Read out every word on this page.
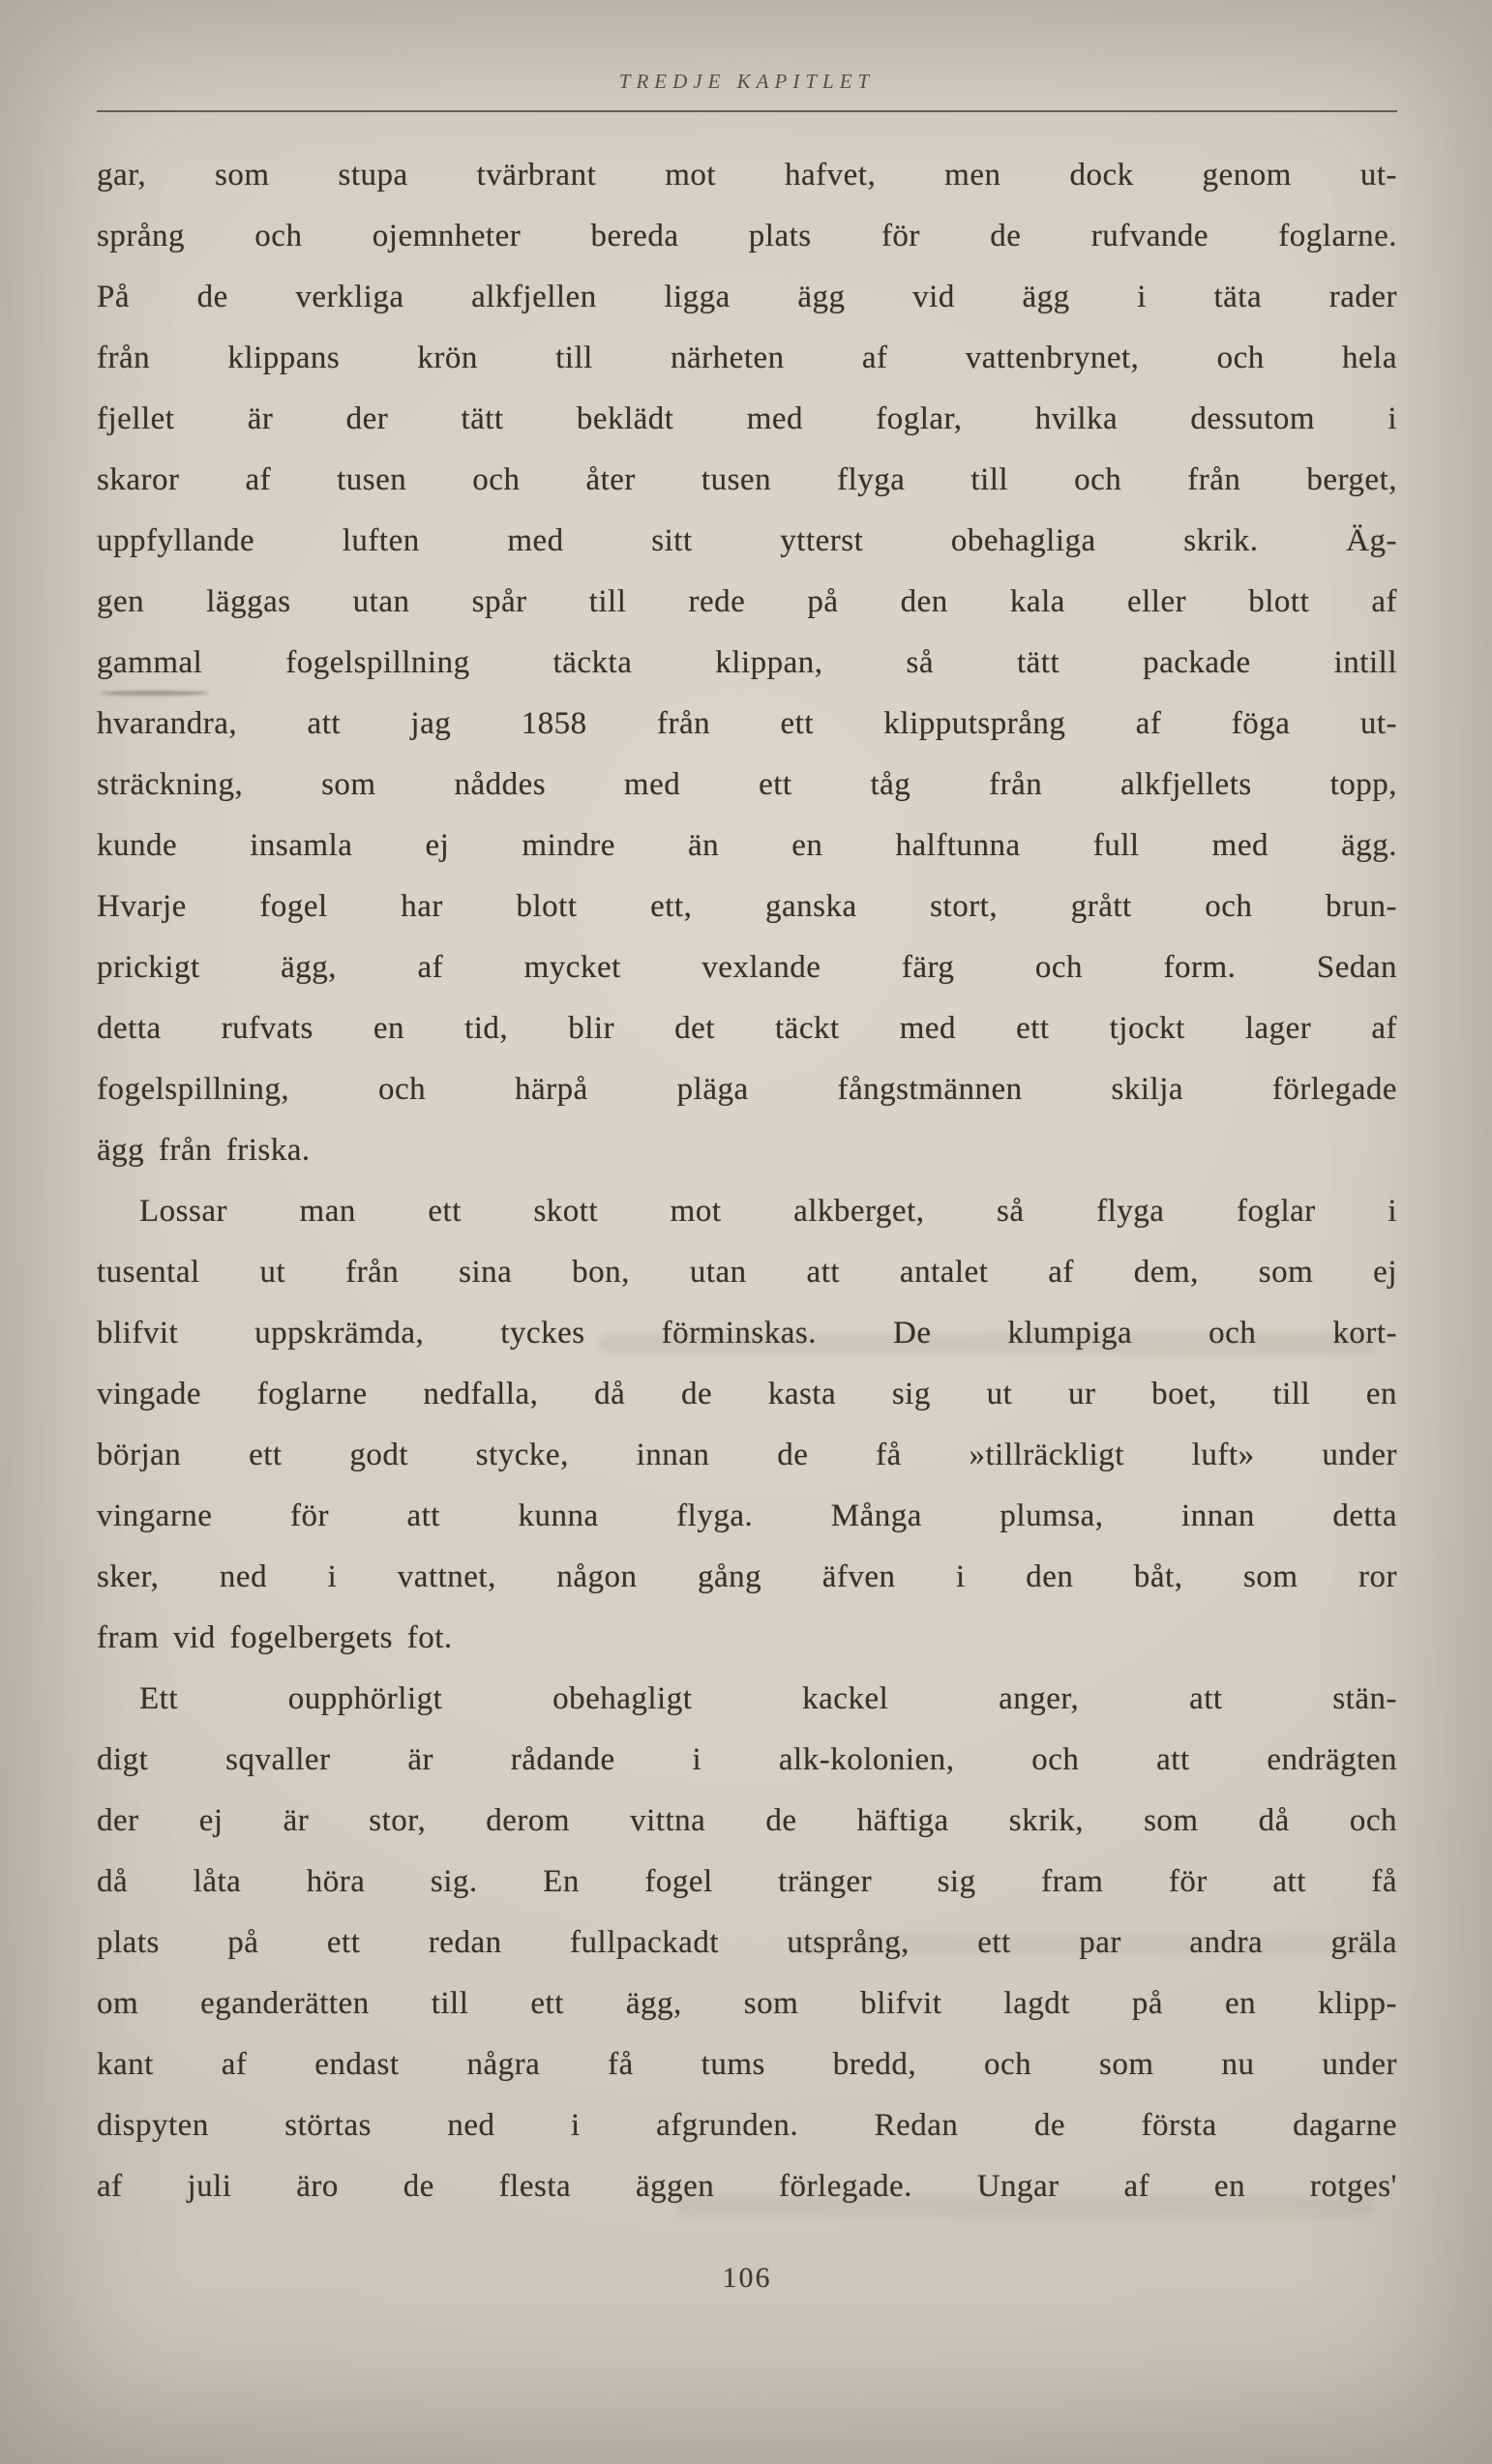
TREDJE KAPITLET
gar, som stupa tvärbrant mot hafvet, men dock genom ut-
språng och ojemnheter bereda plats för de rufvande foglarne.
På de verkliga alkfjellen ligga ägg vid ägg i täta rader
från klippans krön till närheten af vattenbrynet, och hela
fjellet är der tätt beklädt med foglar, hvilka dessutom i
skaror af tusen och åter tusen flyga till och från berget,
uppfyllande luften med sitt ytterst obehagliga skrik. Äg-
gen läggas utan spår till rede på den kala eller blott af
gammal fogelspillning täckta klippan, så tätt packade intill
hvarandra, att jag 1858 från ett klipputsprång af föga ut-
sträckning, som nåddes med ett tåg från alkfjellets topp,
kunde insamla ej mindre än en halftunna full med ägg.
Hvarje fogel har blott ett, ganska stort, grått och brun-
prickigt ägg, af mycket vexlande färg och form. Sedan
detta rufvats en tid, blir det täckt med ett tjockt lager af
fogelspillning, och härpå pläga fångstmännen skilja förlegade
ägg från friska.
Lossar man ett skott mot alkberget, så flyga foglar i
tusental ut från sina bon, utan att antalet af dem, som ej
blifvit uppskrämda, tyckes förminskas. De klumpiga och kort-
vingade foglarne nedfalla, då de kasta sig ut ur boet, till en
början ett godt stycke, innan de få »tillräckligt luft» under
vingarne för att kunna flyga. Många plumsa, innan detta
sker, ned i vattnet, någon gång äfven i den båt, som ror
fram vid fogelbergets fot.
Ett oupphörligt obehagligt kackel anger, att stän-
digt sqvaller är rådande i alk-kolonien, och att endrägten
der ej är stor, derom vittna de häftiga skrik, som då och
då låta höra sig. En fogel tränger sig fram för att få
plats på ett redan fullpackadt utsprång, ett par andra gräla
om eganderätten till ett ägg, som blifvit lagdt på en klipp-
kant af endast några få tums bredd, och som nu under
dispyten störtas ned i afgrunden. Redan de första dagarne
af juli äro de flesta äggen förlegade. Ungar af en rotges'
106
